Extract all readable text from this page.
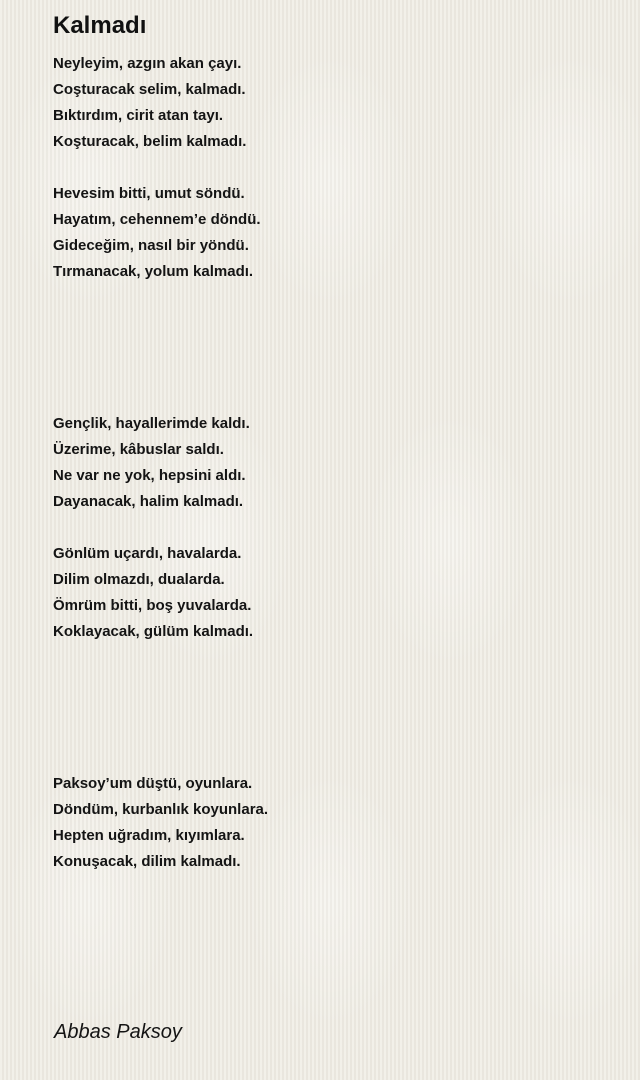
Kalmadı
Neyleyim, azgın akan çayı.
Coşturacak selim, kalmadı.
Bıktırdım, cirit atan tayı.
Koşturacak, belim kalmadı.
Hevesim bitti, umut söndü.
Hayatım, cehennem’e döndü.
Gideceğim, nasıl bir yöndü.
Tırmanacak, yolum kalmadı.
Gençlik, hayallerimde kaldı.
Üzerime, kâbuslar saldı.
Ne var ne yok, hepsini aldı.
Dayanacak, halim kalmadı.
Gönlüm uçardı, havalarda.
Dilim olmazdı, dualarda.
Ömrüm bitti, boş yuvalarda.
Koklayacak, gülüm kalmadı.
Paksoy’um düştü, oyunlara.
Döndüm, kurbanlık koyunlara.
Hepten uğradım, kıyımlara.
Konuşacak, dilim kalmadı.
Abbas Paksoy
